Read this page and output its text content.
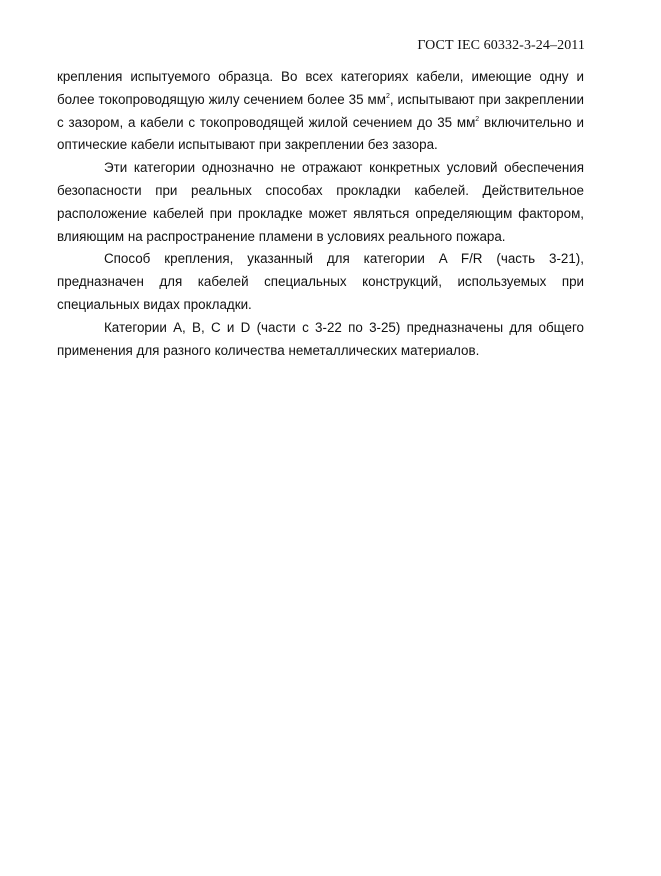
ГОСТ IEC 60332-3-24–2011

крепления испытуемого образца. Во всех категориях кабели, имеющие одну и более токопроводящую жилу сечением более 35 $мм^2$, испытывают при закреплении с зазором, а кабели с токопроводящей жилой сечением до 35 $мм^2$ включительно и оптические кабели испытывают при закреплении без зазора.

Эти категории однозначно не отражают конкретных условий обеспечения безопасности при реальных способах прокладки кабелей. Действительное расположение кабелей при прокладке может являться определяющим фактором, влияющим на распространение пламени в условиях реального пожара.

Способ крепления, указанный для категории A F/R (часть 3-21), предназначен для кабелей специальных конструкций, используемых при специальных видах прокладки.

Категории А, В, С и D (части с 3-22 по 3-25) предназначены для общего применения для разного количества неметаллических материалов.
